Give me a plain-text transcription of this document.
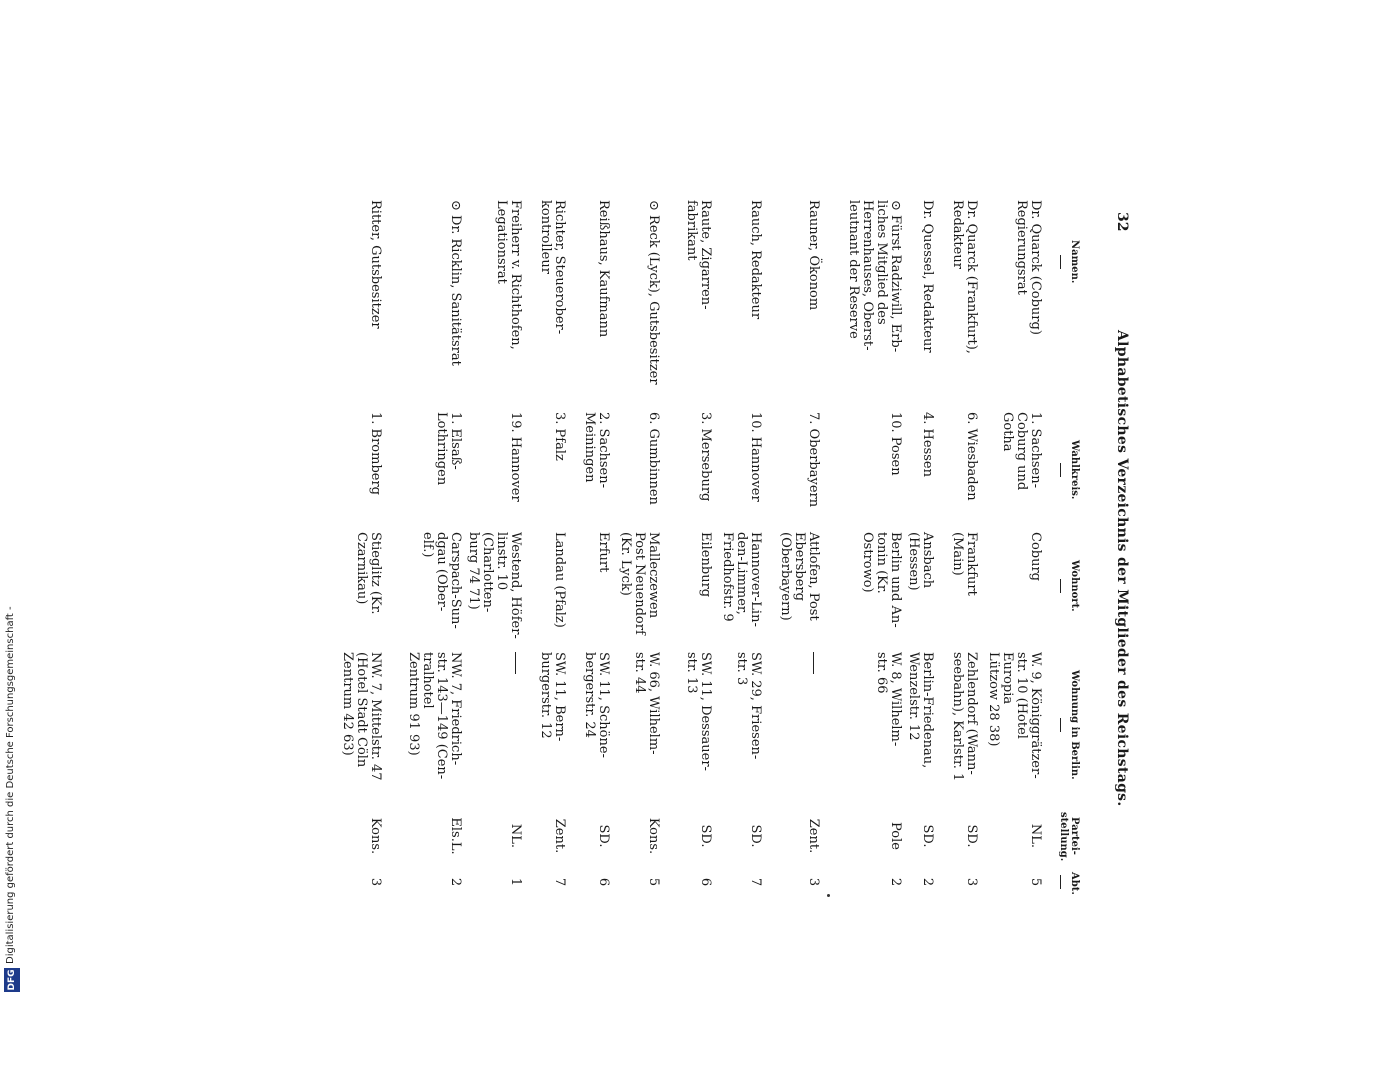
32
Alphabetisches Verzeichnis der Mitglieder des Reichstags.
Namen.
Wahlkreis.
Wohnort.
Wohnung in Berlin.
Partei-
stellung.
Abt.
Dr. Quarck (Coburg)
Regierungsrat
1. Sachsen-
Coburg und
Gotha
Coburg
W. 9, Königgrätzer-
str. 10 (Hotel
Europia
Lützow 28 38)
NL.
5
Dr. Quarck (Frankfurt),
Redakteur
6. Wiesbaden
Frankfurt
(Main)
Zehlendorf (Wann-
seebahn), Karlstr. 1
SD.
3
Dr. Quessel, Redakteur
4. Hessen
Ansbach (Hessen)
Berlin-Friedenau,
Wenzelstr. 12
SD.
2
⊙ Fürst Radziwill, Erb-
liches Mitglied des
Herrenhauses, Oberst-
leutnant der Reserve
10. Posen
Berlin und An-
tonin (Kr.
Ostrowo)
W. 8, Wilhelm-
str. 66
Pole
2
Rauner, Ökonom
7. Oberbayern
Attlofen, Post
Ebersberg
(Oberbayern)
Zent.
3
Rauch, Redakteur
10. Hannover
Hannover-Lin-
den-Limmer,
Friedhofstr. 9
SW. 29, Friesen-
str. 3
SD.
7
Raute, Zigarren-
fabrikant
3. Merseburg
Eilenburg
SW. 11, Dessauer-
str. 13
SD.
6
⊙ Reck (Lyck), Gutsbesitzer
6. Gumbinnen
Malleczewen
Post Neuendorf
(Kr. Lyck)
W. 66, Wilhelm-
str. 44
Kons.
5
Reißhaus, Kaufmann
2. Sachsen-
Meiningen
Erfurt
SW. 11, Schöne-
bergerstr. 24
SD.
6
Richter, Steuerober-
kontrolleur
3. Pfalz
Landau (Pfalz)
SW. 11, Bern-
burgerstr. 12
Zent.
7
Freiherr v. Richthofen,
Legationsrat
19. Hannover
Westend, Höfer-
linstr. 10
(Charlotten-
burg 74 71)
NL.
1
⊙ Dr. Ricklin, Sanitätsrat
1. Elsaß-
Lothringen
Carspach-Sun-
dgau (Ober-
elf.)
NW. 7, Friedrich-
str. 143—149 (Cen-
tralhotel
Zentrum 91 93)
Els.L.
2
Ritter, Gutsbesitzer
1. Bromberg
Stieglitz (Kr.
Czarnikau)
NW. 7, Mittelstr. 47
(Hotel Stadt Cöln
Zentrum 42 63)
Kons.
3
DFG
Digitalisierung gefördert durch die Deutsche Forschungsgemeinschaft -
